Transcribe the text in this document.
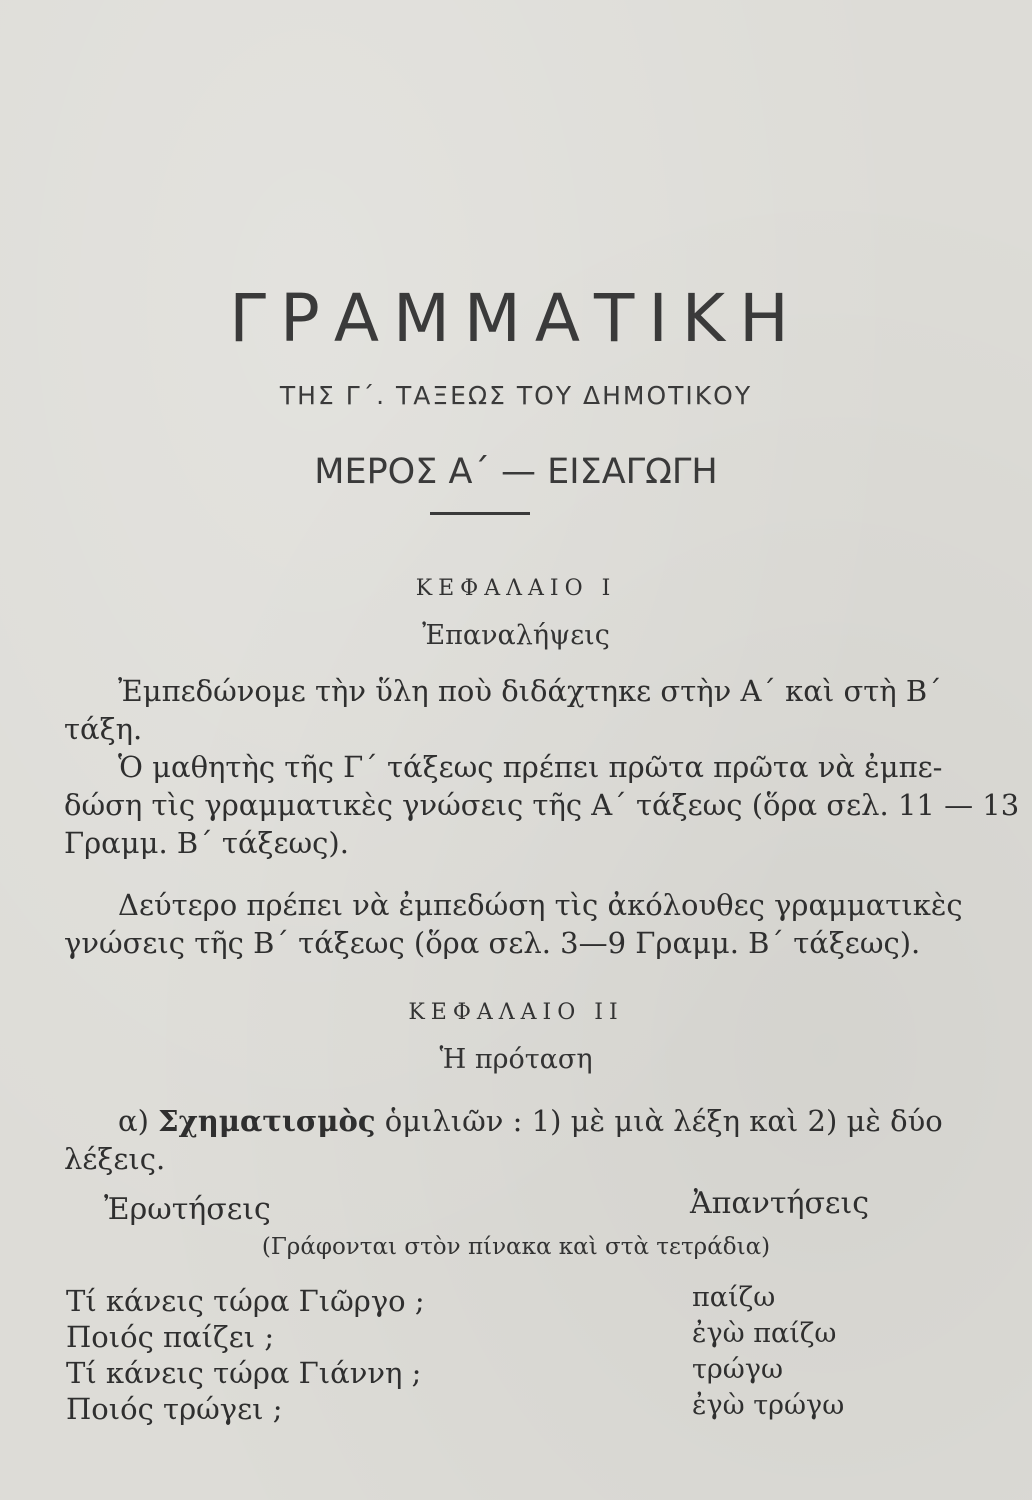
ΓΡΑΜΜΑΤΙΚΗ
ΤΗΣ Γ΄. ΤΑΞΕΩΣ ΤΟΥ ΔΗΜΟΤΙΚΟΥ
ΜΕΡΟΣ Α΄ — ΕΙΣΑΓΩΓΗ
ΚΕΦΑΛΑΙΟ Ι
Ἐπαναλήψεις
Ἐμπεδώνομε τὴν ὕλη ποὺ διδάχτηκε στὴν Α΄ καὶ στὴ Β΄
τάξη.
Ὁ μαθητὴς τῆς Γ΄ τάξεως πρέπει πρῶτα πρῶτα νὰ ἐμπε-
δώση τὶς γραμματικὲς γνώσεις τῆς Α΄ τάξεως (ὅρα σελ. 11 — 13
Γραμμ. Β΄ τάξεως).
Δεύτερο πρέπει νὰ ἐμπεδώση τὶς ἀκόλουθες γραμματικὲς
γνώσεις τῆς Β΄ τάξεως (ὅρα σελ. 3—9 Γραμμ. Β΄ τάξεως).
ΚΕΦΑΛΑΙΟ ΙΙ
Ἡ πρόταση
α) Σχηματισμὸς ὁμιλιῶν : 1) μὲ μιὰ λέξη καὶ 2) μὲ δύο
λέξεις.
Ἐρωτήσεις	Ἀπαντήσεις
(Γράφονται στὸν πίνακα καὶ στὰ τετράδια)
Τί κάνεις τώρα Γιῶργο ;
Ποιός παίζει ;
Τί κάνεις τώρα Γιάννη ;
Ποιός τρώγει ;
παίζω
ἐγὼ παίζω
τρώγω
ἐγὼ τρώγω
